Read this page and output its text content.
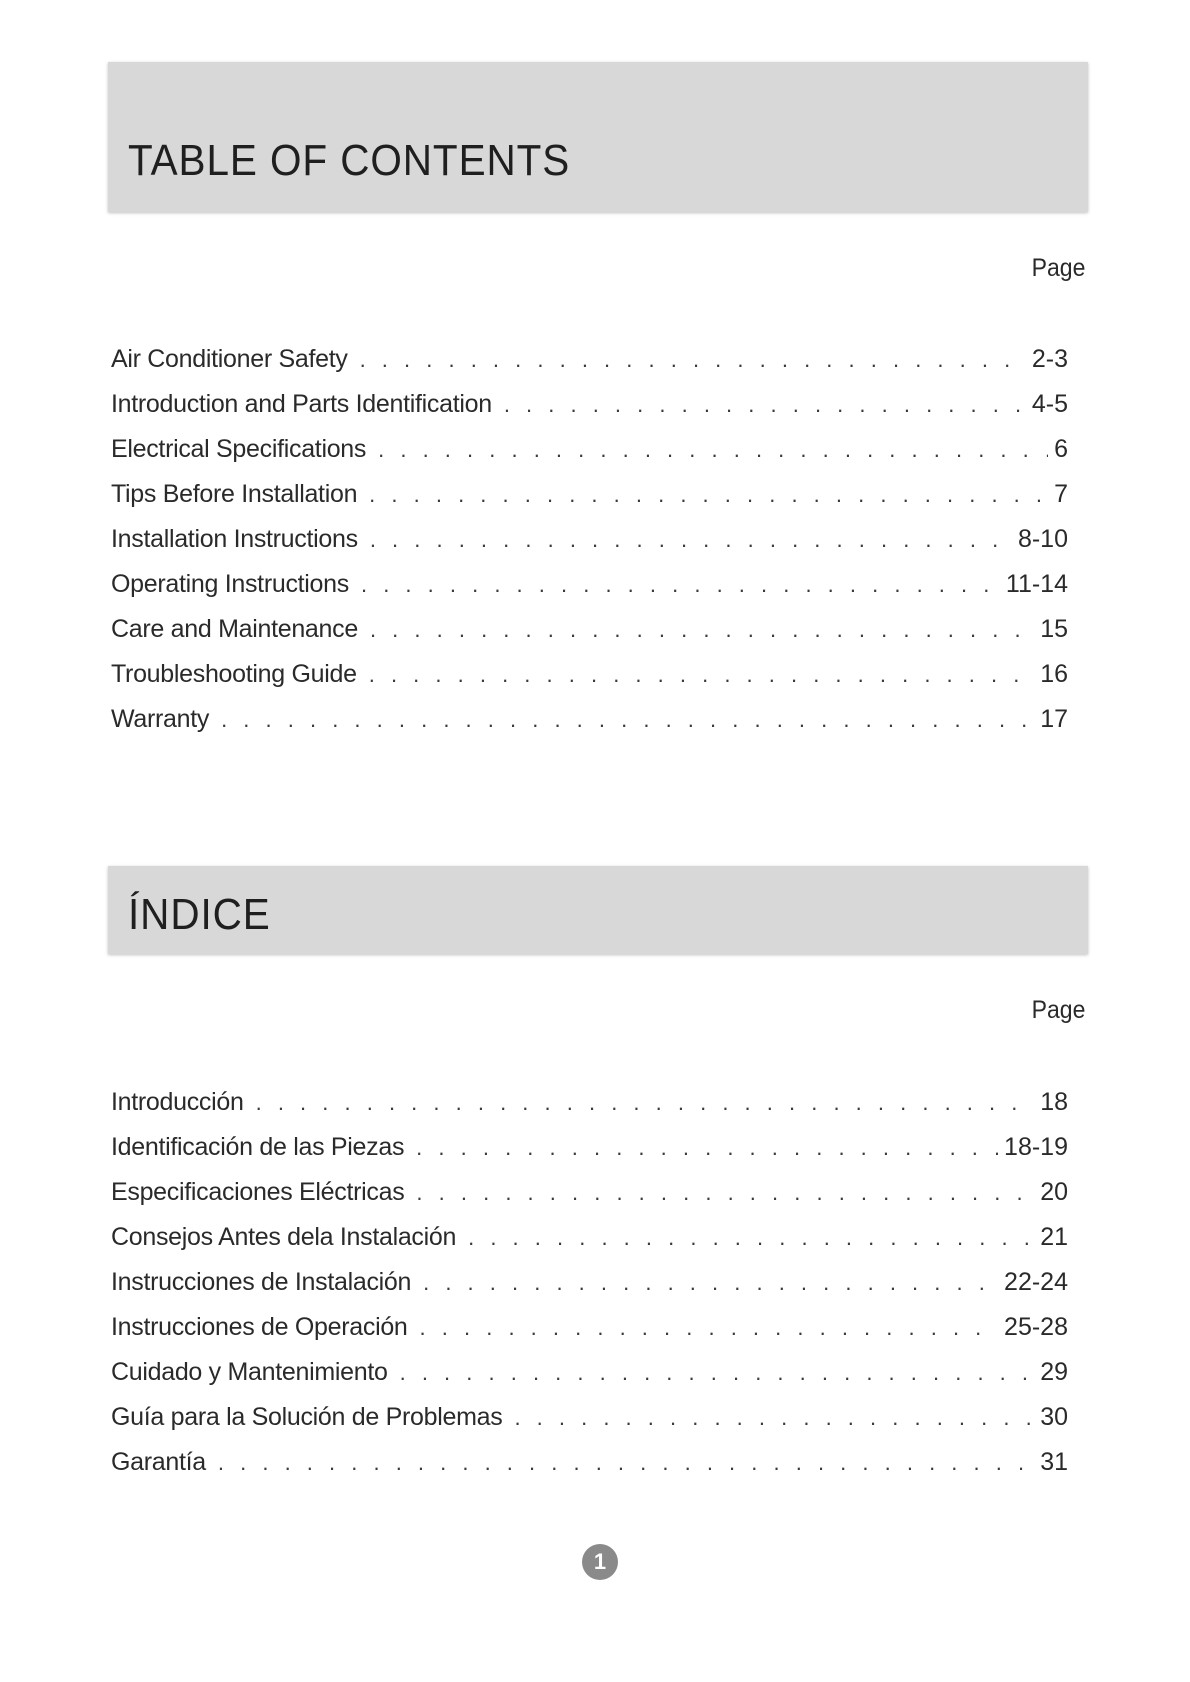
TABLE OF CONTENTS
Page
Air Conditioner Safety . . .	2-3
Introduction and Parts Identification . . .	4-5
Electrical Specifications . . .	6
Tips Before Installation . . .	7
Installation Instructions . . .	8-10
Operating Instructions . . .	11-14
Care and Maintenance . . .	15
Troubleshooting Guide . . .	16
Warranty . . .	17
ÍNDICE
Page
Introducción . . .	18
Identificación de las Piezas . . .	18-19
Especificaciones Eléctricas . . .	20
Consejos Antes dela Instalación . . .	21
Instrucciones de Instalación . . .	22-24
Instrucciones de Operación . . .	25-28
Cuidado y Mantenimiento . . .	29
Guía para la Solución de Problemas . . .	30
Garantía . . .	31
1
